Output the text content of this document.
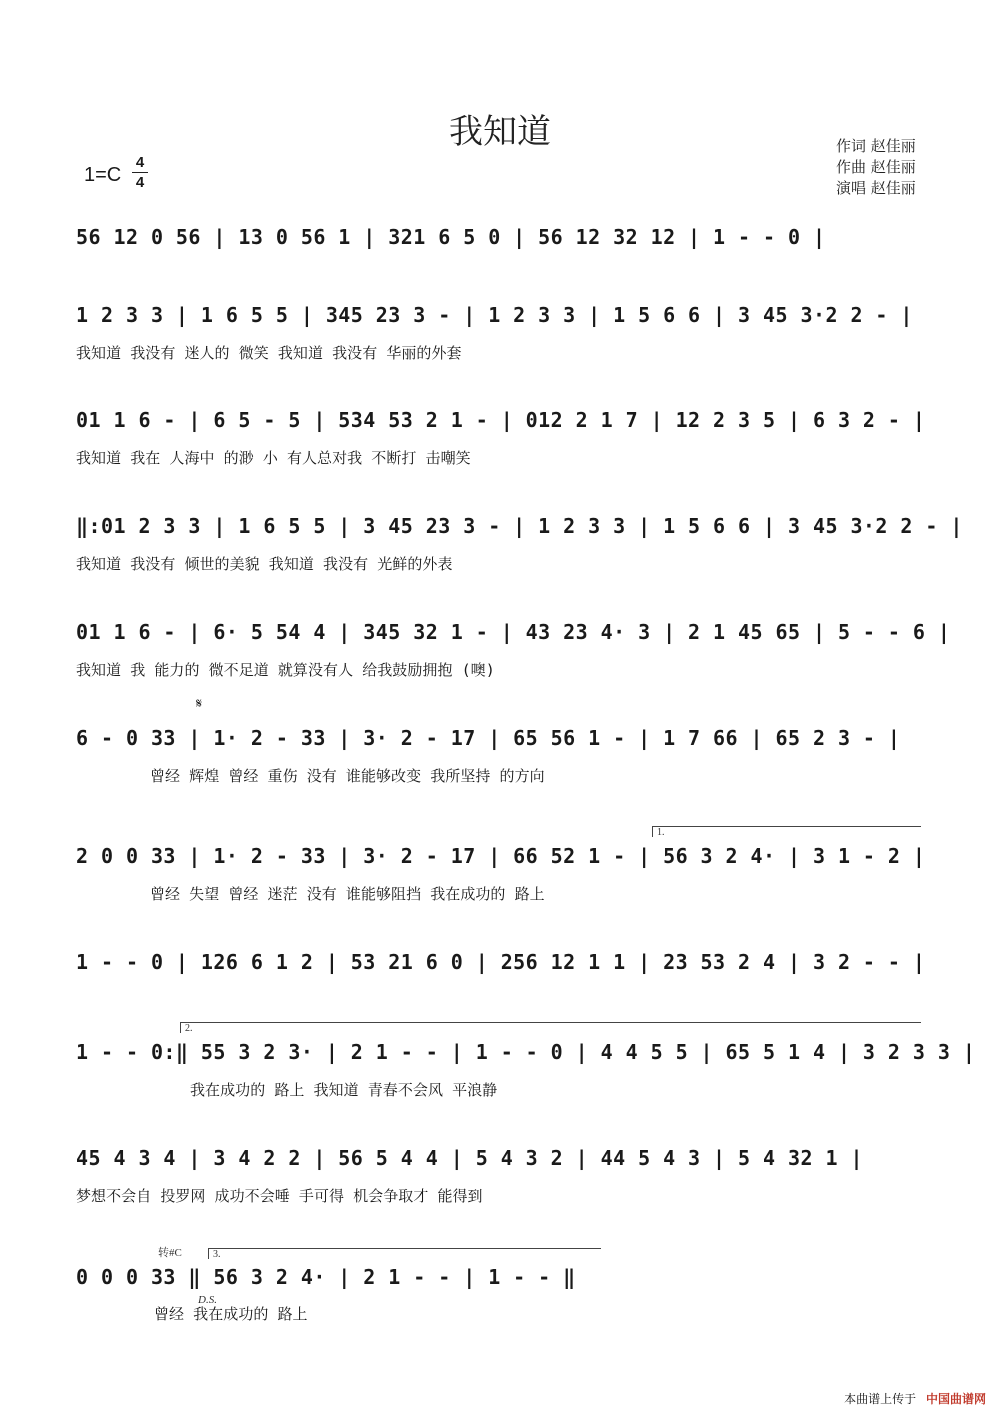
我知道	作词 赵佳丽
作曲 赵佳丽
演唱 赵佳丽
1=C
4
4
56 12 0 56 | 13 0 56 1 | 321 6 5 0 | 56 12 32 12 | 1 - - 0 |
1 2 3 3 | 1 6 5 5 | 345 23 3 - | 1 2 3 3 | 1 5 6 6 | 3 45 3·2 2 - |
我知道 我没有 迷人的 微笑 我知道 我没有 华丽的外套
01 1 6 - | 6 5 - 5 | 534 53 2 1 - | 012 2 1 7 | 12 2 3 5 | 6 3 2 - |
我知道 我在 人海中 的渺 小 有人总对我 不断打 击嘲笑
‖:01 2 3 3 | 1 6 5 5 | 3 45 23 3 - | 1 2 3 3 | 1 5 6 6 | 3 45 3·2 2 - |
我知道 我没有 倾世的美貌 我知道 我没有 光鲜的外表
01 1 6 - | 6· 5 54 4 | 345 32 1 - | 43 23 4· 3 | 2 1 45 65 | 5 - - 6 |
我知道 我 能力的 微不足道 就算没有人 给我鼓励拥抱 (噢)
𝄋
6 - 0 33 | 1· 2 - 33 | 3· 2 - 17 | 65 56 1 - | 1 7 66 | 65 2 3 - |
曾经 辉煌 曾经 重伤 没有 谁能够改变 我所坚持 的方向
1.
2 0 0 33 | 1· 2 - 33 | 3· 2 - 17 | 66 52 1 - | 56 3 2 4· | 3 1 - 2 |
曾经 失望 曾经 迷茫 没有 谁能够阻挡 我在成功的 路上
1 - - 0 | 126 6 1 2 | 53 21 6 0 | 256 12 1 1 | 23 53 2 4 | 3 2 - - |
2.
1 - - 0:‖ 55 3 2 3· | 2 1 - - | 1 - - 0 | 4 4 5 5 | 65 5 1 4 | 3 2 3 3 |
我在成功的 路上 我知道 青春不会风 平浪静
45 4 3 4 | 3 4 2 2 | 56 5 4 4 | 5 4 3 2 | 44 5 4 3 | 5 4 32 1 |
梦想不会自 投罗网 成功不会唾 手可得 机会争取才 能得到
转#C	3.
0 0 0 33 ‖ 56 3 2 4· | 2 1 - - | 1 - - ‖
D.S.
曾经 我在成功的 路上
本曲谱上传于 中国曲谱网
